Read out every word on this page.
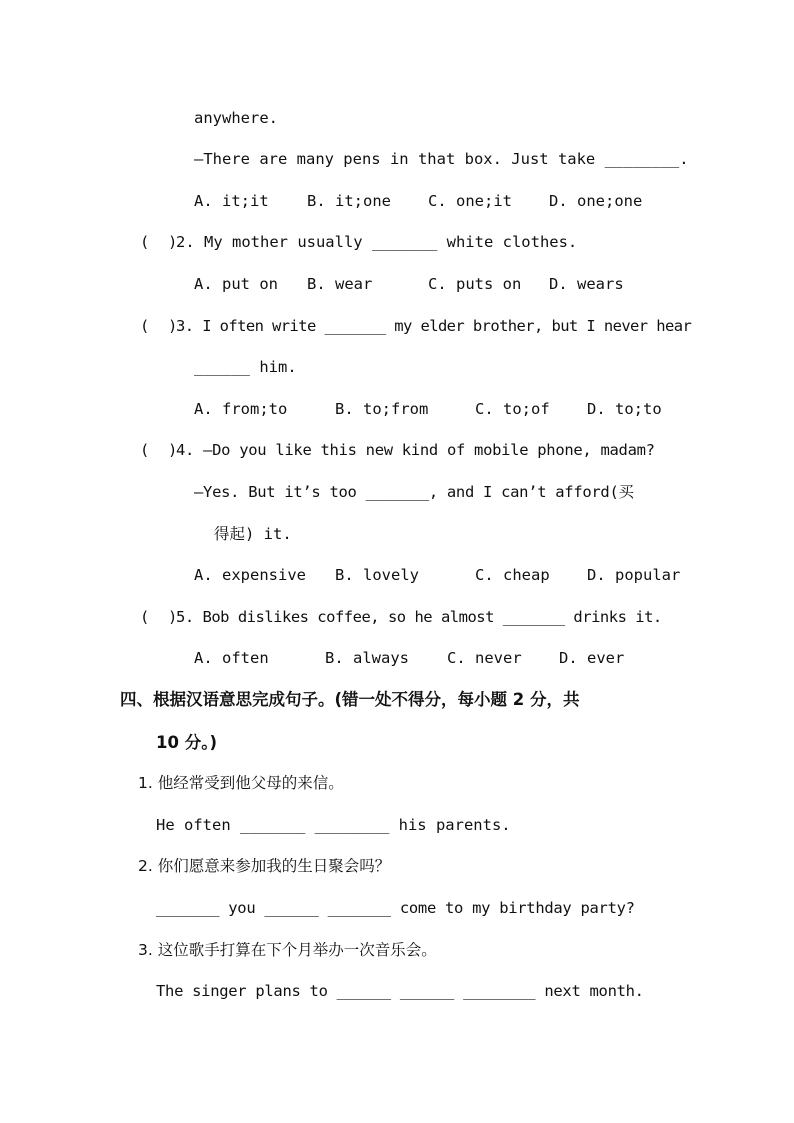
anywhere.
—There are many pens in that box. Just take ________.
A. it;it B. it;one C. one;it D. one;one
(  )
2. My mother usually _______ white clothes.
A. put on B. wear	C. puts on D. wears
(  )
3. I often write _______ my elder brother, but I never hear
______ him.
A. from;to	B. to;from	C. to;of D. to;to
(  )
4. —Do you like this new kind of mobile phone, madam?
—Yes. But it’s too _______, and I can’t afford(买
得起) it.
A. expensive B. lovely	C. cheap D. popular
(  )
5. Bob dislikes coffee, so he almost _______ drinks it.
A. often	B. always C. never D. ever
四、根据汉语意思完成句子。(错一处不得分，每小题 2 分，共
10 分。)
1. 他经常受到他父母的来信。
He often _______ ________ his parents.
2. 你们愿意来参加我的生日聚会吗？
_______ you ______ _______ come to my birthday party?
3. 这位歌手打算在下个月举办一次音乐会。
The singer plans to ______ ______ ________ next month.
